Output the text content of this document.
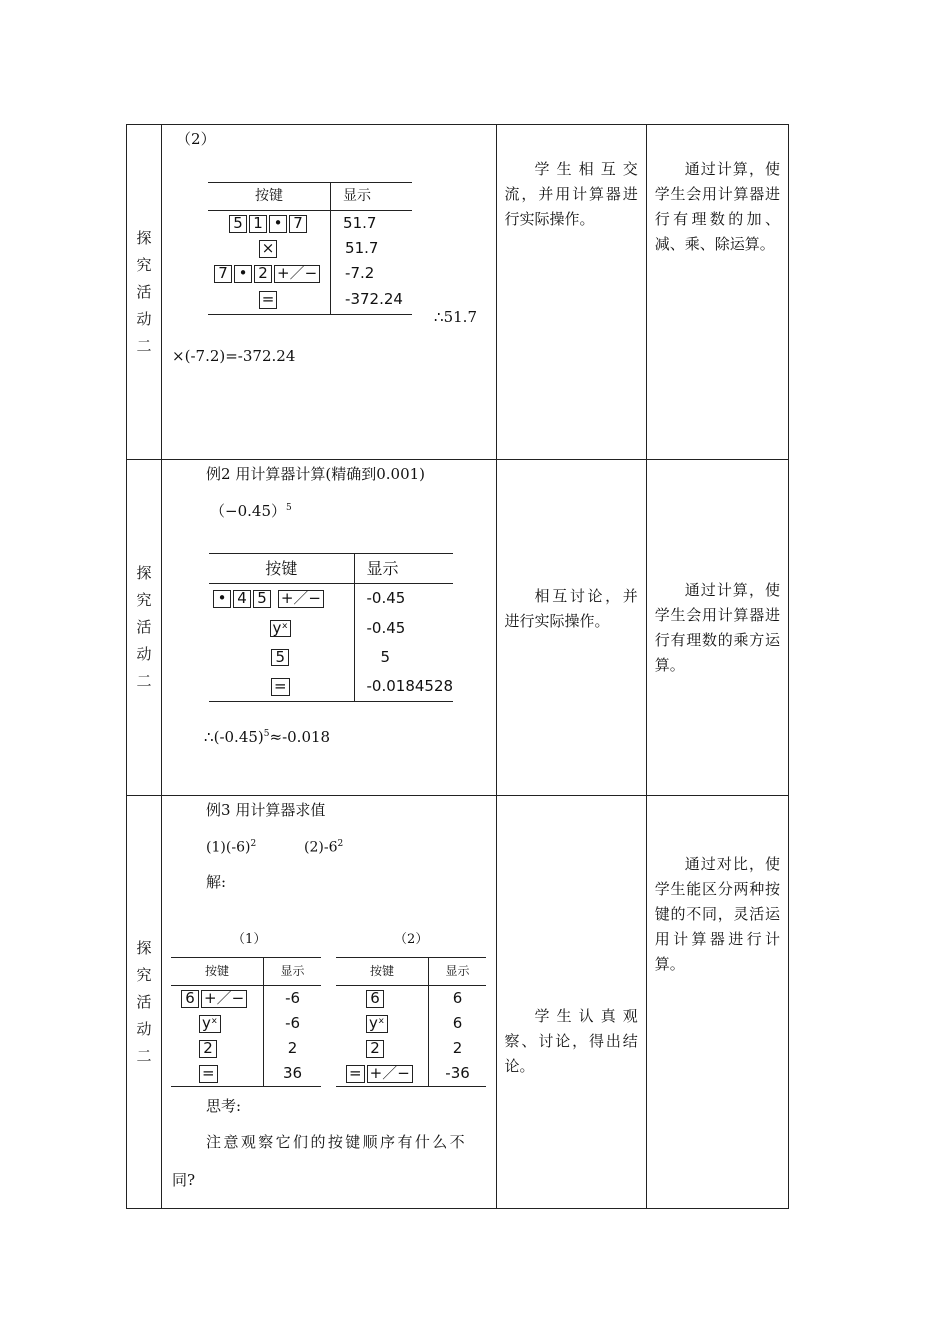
探究活动二

（2）
按键	显示
5 1 • 7	51.7
×	51.7
7 • 2 +／−	-7.2
=	-372.24
∴51.7
×(-7.2)=-372.24

学生相互交流，并用计算器进行实际操作。

通过计算，使学生会用计算器进行有理数的加、减、乘、除运算。

探究活动二

例2 用计算器计算(精确到0.001)
$(-0.45)^5$
按键	显示
• 4 5 +／−	-0.45
yˣ	-0.45
5	5
=	-0.0184528
$\therefore(-0.45)^5\approx-0.018$

相互讨论，并进行实际操作。

通过计算，使学生会用计算器进行有理数的乘方运算。

探究活动二

例3 用计算器求值
$(1)(-6)^2$	$(2)-6^2$
解:
（1）
按键	显示
6 +／−	-6
yˣ	-6
2	2
=	36
（2）
按键	显示
6	6
yˣ	6
2	2
= +／−	-36
思考:
注意观察它们的按键顺序有什么不
同?

学生认真观察、讨论，得出结论。

通过对比，使学生能区分两种按键的不同，灵活运用计算器进行计算。
